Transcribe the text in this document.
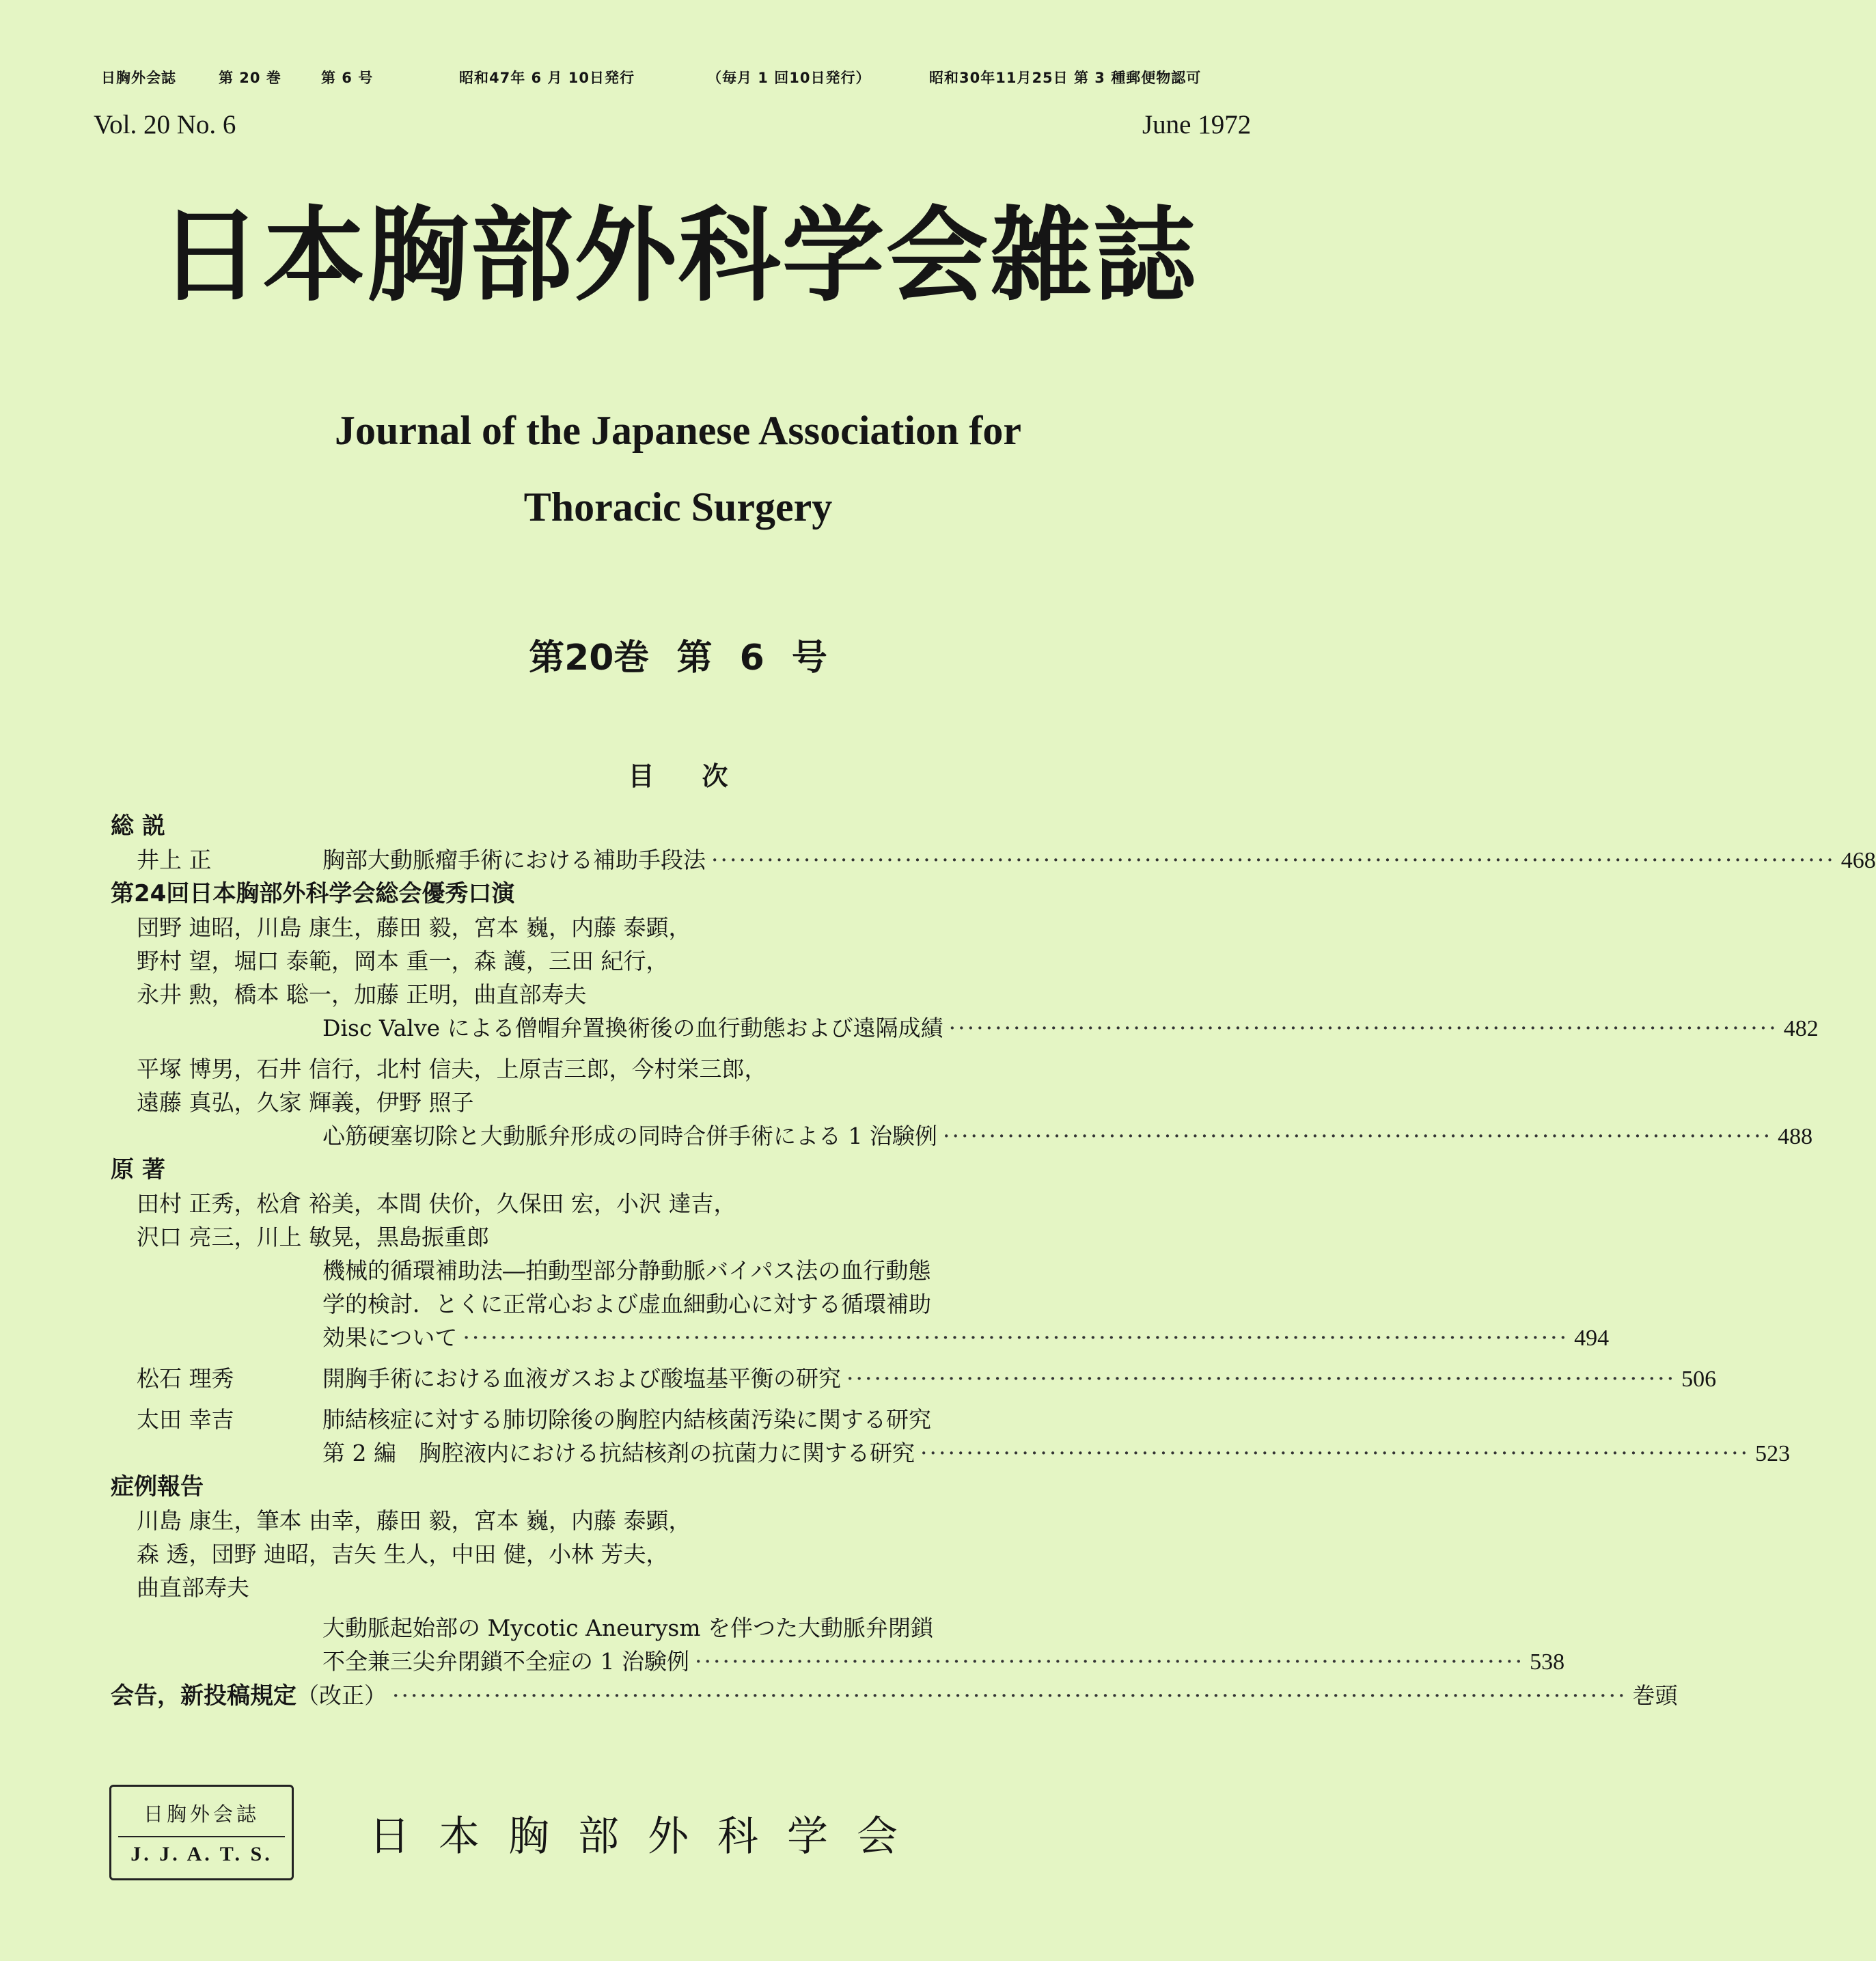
日胸外会誌	第 20 巻	第 6 号	昭和47年 6 月 10日発行	（毎月 1 回10日発行）	昭和30年11月25日 第 3 種郵便物認可
Vol. 20 No. 6	June 1972
日本胸部外科学会雑誌
Journal of the Japanese Association for
Thoracic Surgery
第20巻 第 6 号
目次
総 説
井上 正	胸部大動脈瘤手術における補助手段法 ·························································································································· 468
第24回日本胸部外科学会総会優秀口演
団野 迪昭，川島 康生，藤田 毅，宮本 巍，内藤 泰顕，
野村 望，堀口 泰範，岡本 重一，森 護，三田 紀行，
永井 勲，橋本 聡一，加藤 正明，曲直部寿夫
Disc Valve による僧帽弁置換術後の血行動態および遠隔成績 ·························································································· 482
平塚 博男，石井 信行，北村 信夫，上原吉三郎，今村栄三郎，
遠藤 真弘，久家 輝義，伊野 照子
心筋硬塞切除と大動脈弁形成の同時合併手術による 1 治験例 ·························································································· 488
原 著
田村 正秀，松倉 裕美，本間 伕价，久保田 宏，小沢 達吉，
沢口 亮三，川上 敏晃，黒島振重郎
機械的循環補助法―拍動型部分静動脈バイパス法の血行動態
学的検討．とくに正常心および虚血細動心に対する循環補助
効果について ························································································································ 494
松石 理秀	開胸手術における血液ガスおよび酸塩基平衡の研究 ·························································································· 506
太田 幸吉	肺結核症に対する肺切除後の胸腔内結核菌汚染に関する研究
第 2 編　胸腔液内における抗結核剤の抗菌力に関する研究 ·························································································· 523
症例報告
川島 康生，筆本 由幸，藤田 毅，宮本 巍，内藤 泰顕，
森 透，団野 迪昭，吉矢 生人，中田 健，小林 芳夫，
曲直部寿夫
大動脈起始部の Mycotic Aneurysm を伴つた大動脈弁閉鎖
不全兼三尖弁閉鎖不全症の 1 治験例 ·························································································· 538
会告，新投稿規定 （改正） ······································································································································ 巻頭
日胸外会誌
J. J. A. T. S.	日本胸部外科学会
